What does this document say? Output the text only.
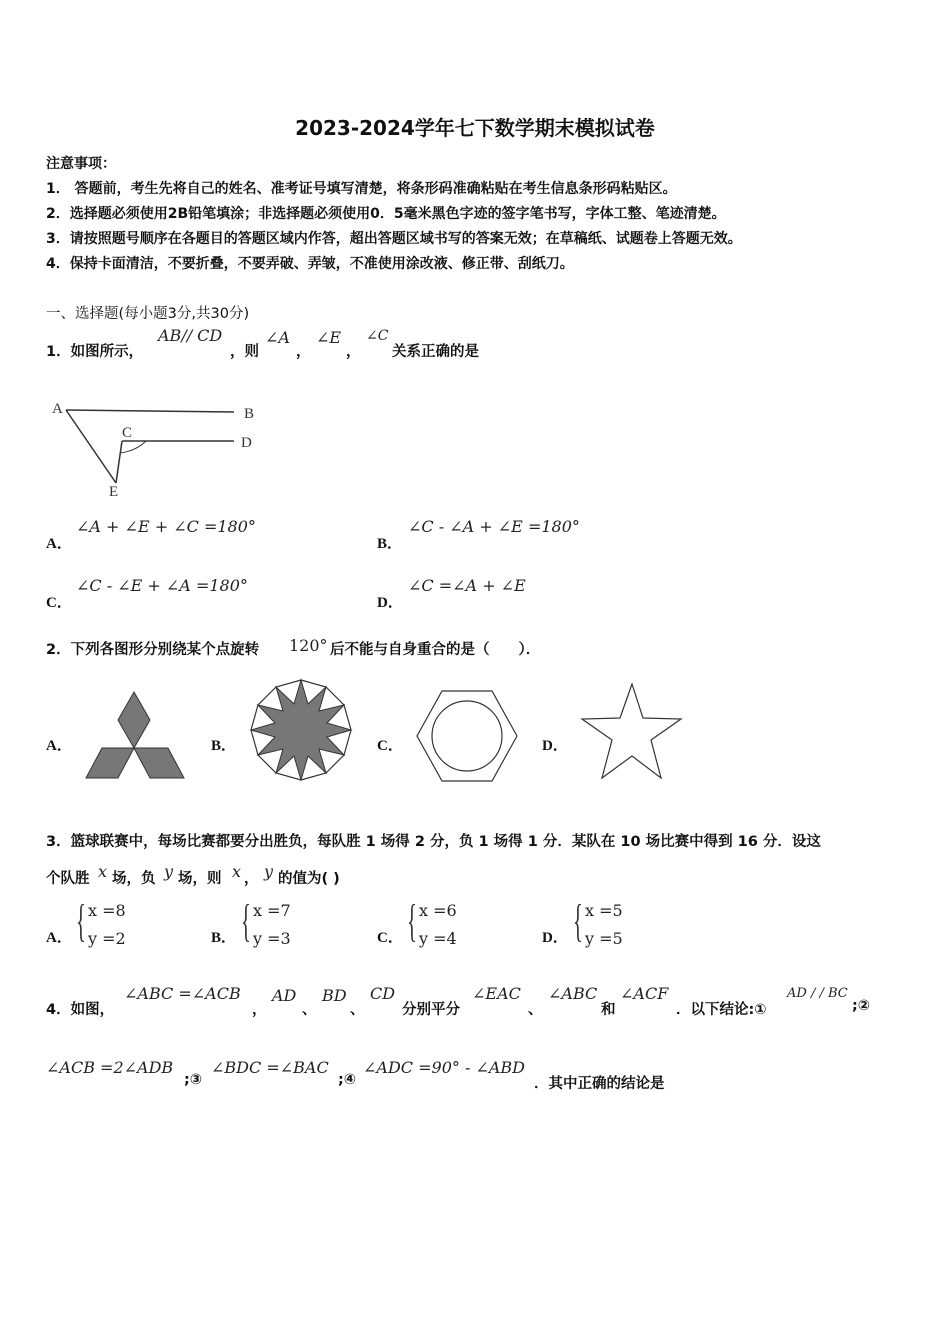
2023-2024学年七下数学期末模拟试卷
注意事项：
1． 答题前，考生先将自己的姓名、准考证号填写清楚，将条形码准确粘贴在考生信息条形码粘贴区。
2．选择题必须使用2B铅笔填涂；非选择题必须使用0．5毫米黑色字迹的签字笔书写，字体工整、笔迹清楚。
3．请按照题号顺序在各题目的答题区域内作答，超出答题区域书写的答案无效；在草稿纸、试题卷上答题无效。
4．保持卡面清洁，不要折叠，不要弄破、弄皱，不准使用涂改液、修正带、刮纸刀。
一、选择题(每小题3分,共30分)
1．如图所示，
AB// CD
，则
∠A
，
∠E
，
∠C
关系正确的是
A	B
C
D
E
A．
∠A + ∠E + ∠C =180°
B．
∠C - ∠A + ∠E =180°
C．
∠C - ∠E + ∠A =180°
D．
∠C =∠A + ∠E
2．下列各图形分别绕某个点旋转 120° 后不能与自身重合的是（　　）．
A．	B．	C．	D．
3．篮球联赛中，每场比赛都要分出胜负，每队胜 1 场得 2 分，负 1 场得 1 分．某队在 10 场比赛中得到 16 分．设这
个队胜 x 场，负 y 场，则 x ， y 的值为( )
A． { x =8
y =2	B． { x =7
y =3	C． { x =6
y =4	D． { x =5
y =5
4．如图，
∠ABC =∠ACB
，
AD
、
BD
、
CD
分别平分
∠EAC
、
∠ABC
和
∠ACF
．以下结论:①
AD / / BC
;②
∠ACB =2∠ADB
;③
∠BDC =∠BAC
;④
∠ADC =90° - ∠ABD
．其中正确的结论是
